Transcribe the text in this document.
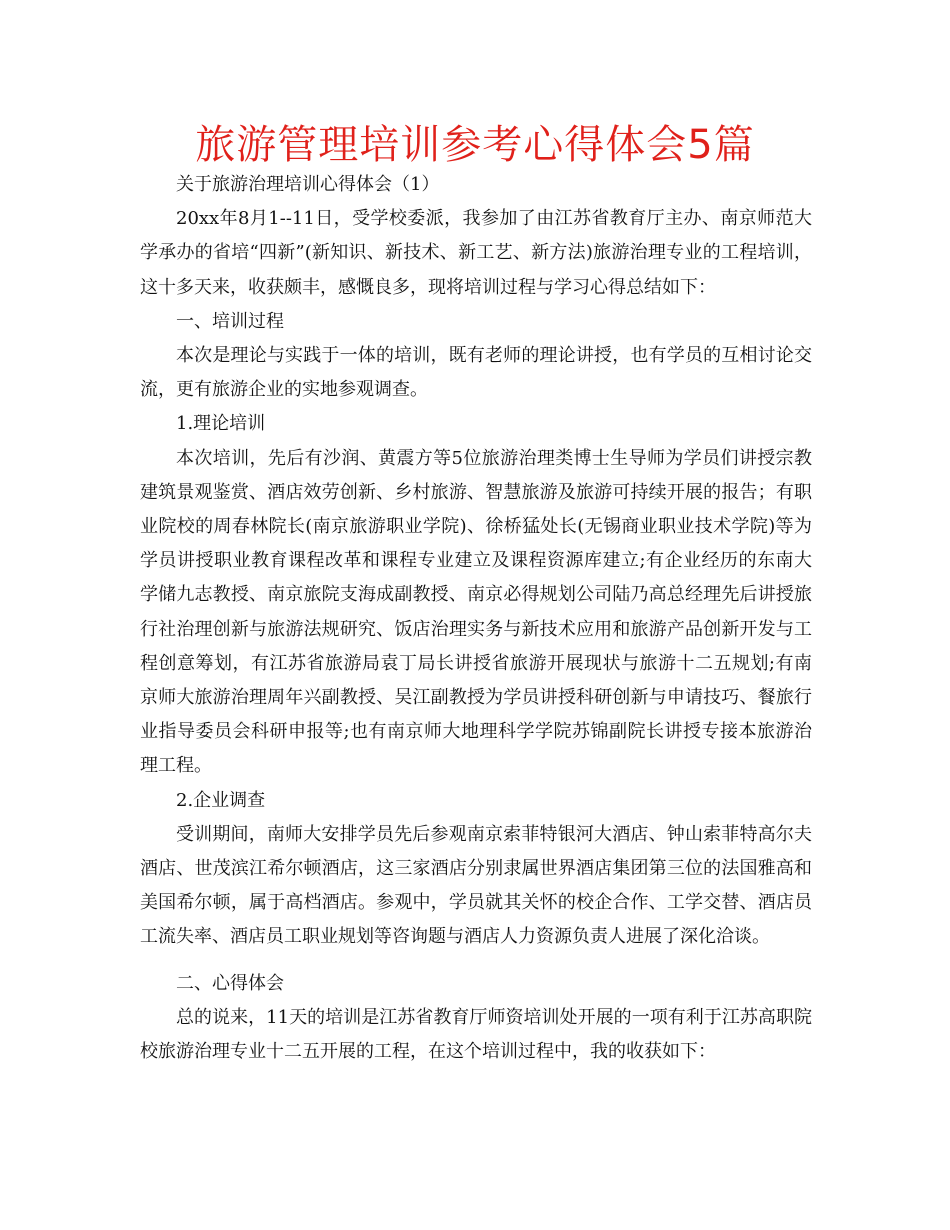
旅游管理培训参考心得体会5篇

关于旅游治理培训心得体会（1）

20xx年8月1--11日，受学校委派，我参加了由江苏省教育厅主办、南京师范大学承办的省培“四新”(新知识、新技术、新工艺、新方法)旅游治理专业的工程培训，这十多天来，收获颇丰，感慨良多，现将培训过程与学习心得总结如下：

一、培训过程

本次是理论与实践于一体的培训，既有老师的理论讲授，也有学员的互相讨论交流，更有旅游企业的实地参观调查。

1.理论培训

本次培训，先后有沙润、黄震方等5位旅游治理类博士生导师为学员们讲授宗教建筑景观鉴赏、酒店效劳创新、乡村旅游、智慧旅游及旅游可持续开展的报告；有职业院校的周春林院长(南京旅游职业学院)、徐桥猛处长(无锡商业职业技术学院)等为学员讲授职业教育课程改革和课程专业建立及课程资源库建立;有企业经历的东南大学储九志教授、南京旅院支海成副教授、南京必得规划公司陆乃高总经理先后讲授旅行社治理创新与旅游法规研究、饭店治理实务与新技术应用和旅游产品创新开发与工程创意筹划，有江苏省旅游局袁丁局长讲授省旅游开展现状与旅游十二五规划;有南京师大旅游治理周年兴副教授、吴江副教授为学员讲授科研创新与申请技巧、餐旅行业指导委员会科研申报等;也有南京师大地理科学学院苏锦副院长讲授专接本旅游治理工程。

2.企业调查

受训期间，南师大安排学员先后参观南京索菲特银河大酒店、钟山索菲特高尔夫酒店、世茂滨江希尔顿酒店，这三家酒店分别隶属世界酒店集团第三位的法国雅高和美国希尔顿，属于高档酒店。参观中，学员就其关怀的校企合作、工学交替、酒店员工流失率、酒店员工职业规划等咨询题与酒店人力资源负责人进展了深化洽谈。

二、心得体会

总的说来，11天的培训是江苏省教育厅师资培训处开展的一项有利于江苏高职院校旅游治理专业十二五开展的工程，在这个培训过程中，我的收获如下：
